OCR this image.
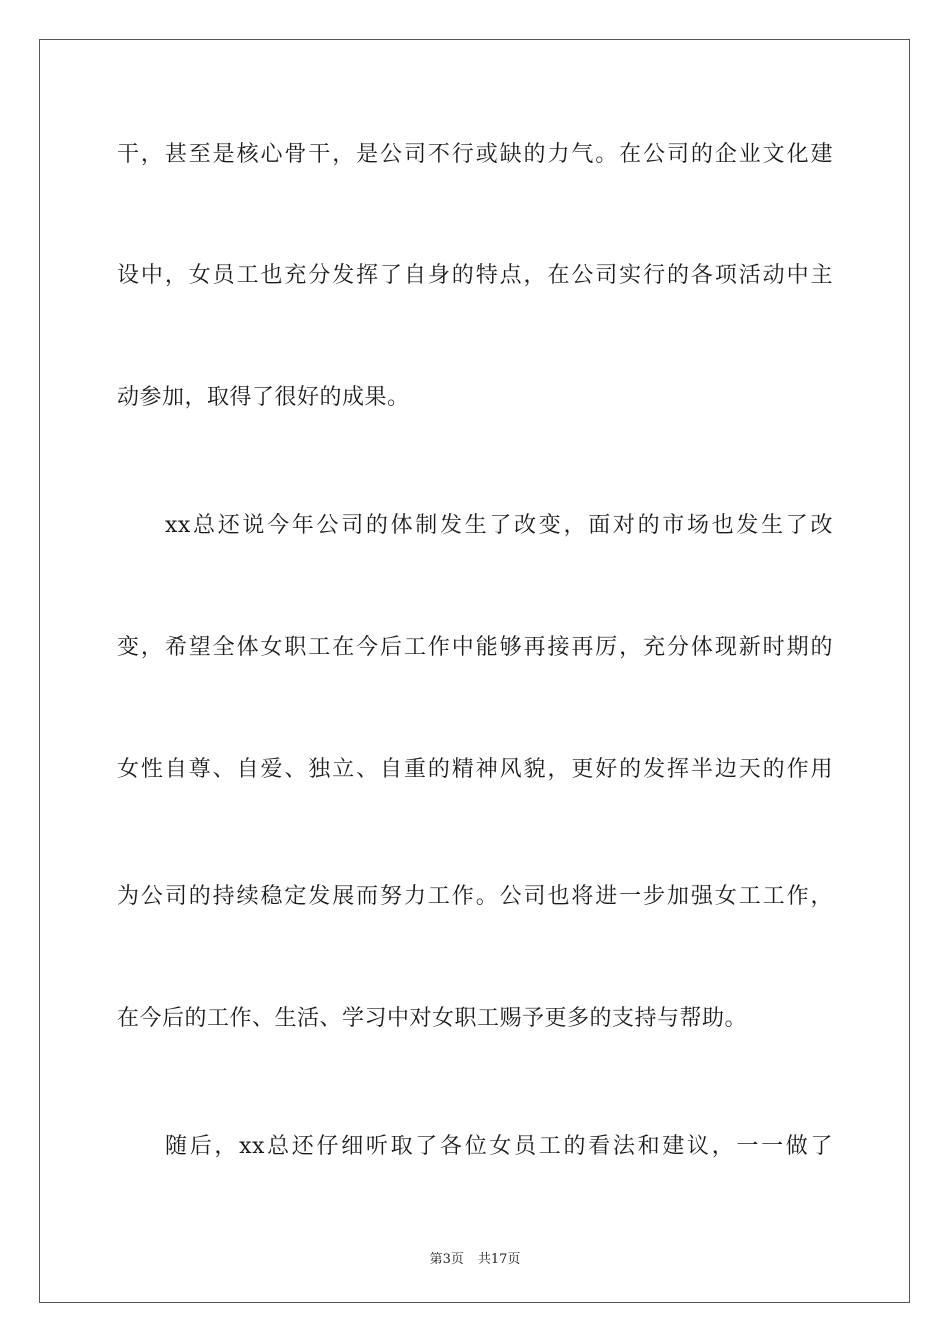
干，甚至是核心骨干，是公司不行或缺的力气。在公司的企业文化建
设中，女员工也充分发挥了自身的特点，在公司实行的各项活动中主
动参加，取得了很好的成果。
xx总还说今年公司的体制发生了改变，面对的市场也发生了改
变，希望全体女职工在今后工作中能够再接再厉，充分体现新时期的
女性自尊、自爱、独立、自重的精神风貌，更好的发挥半边天的作用
为公司的持续稳定发展而努力工作。公司也将进一步加强女工工作，
在今后的工作、生活、学习中对女职工赐予更多的支持与帮助。
随后，xx总还仔细听取了各位女员工的看法和建议，一一做了
第3页 共17页
